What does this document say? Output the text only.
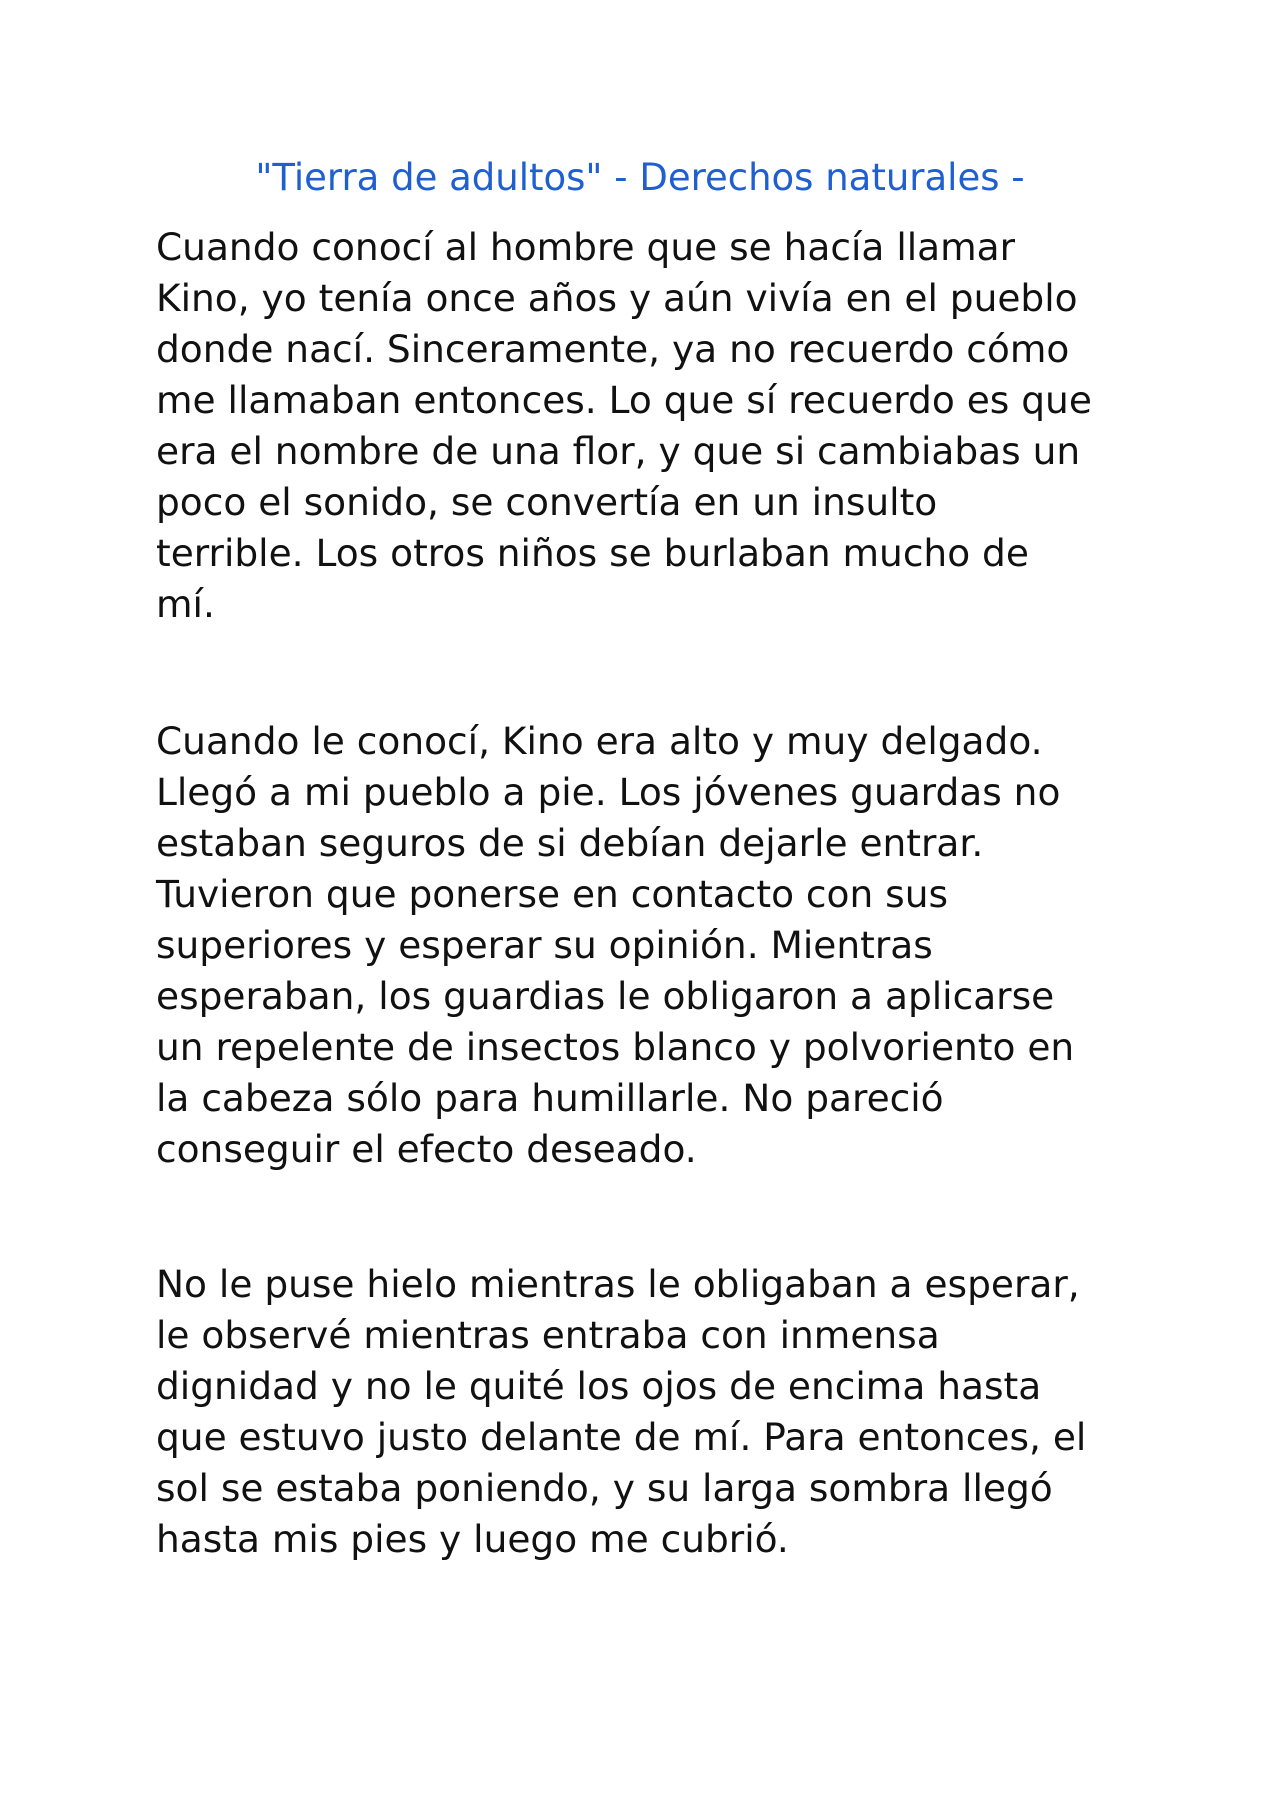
"Tierra de adultos" - Derechos naturales -

Cuando conocí al hombre que se hacía llamar
Kino, yo tenía once años y aún vivía en el pueblo
donde nací. Sinceramente, ya no recuerdo cómo
me llamaban entonces. Lo que sí recuerdo es que
era el nombre de una flor, y que si cambiabas un
poco el sonido, se convertía en un insulto
terrible. Los otros niños se burlaban mucho de
mí.

Cuando le conocí, Kino era alto y muy delgado.
Llegó a mi pueblo a pie. Los jóvenes guardas no
estaban seguros de si debían dejarle entrar.
Tuvieron que ponerse en contacto con sus
superiores y esperar su opinión. Mientras
esperaban, los guardias le obligaron a aplicarse
un repelente de insectos blanco y polvoriento en
la cabeza sólo para humillarle. No pareció
conseguir el efecto deseado.

No le puse hielo mientras le obligaban a esperar,
le observé mientras entraba con inmensa
dignidad y no le quité los ojos de encima hasta
que estuvo justo delante de mí. Para entonces, el
sol se estaba poniendo, y su larga sombra llegó
hasta mis pies y luego me cubrió.
